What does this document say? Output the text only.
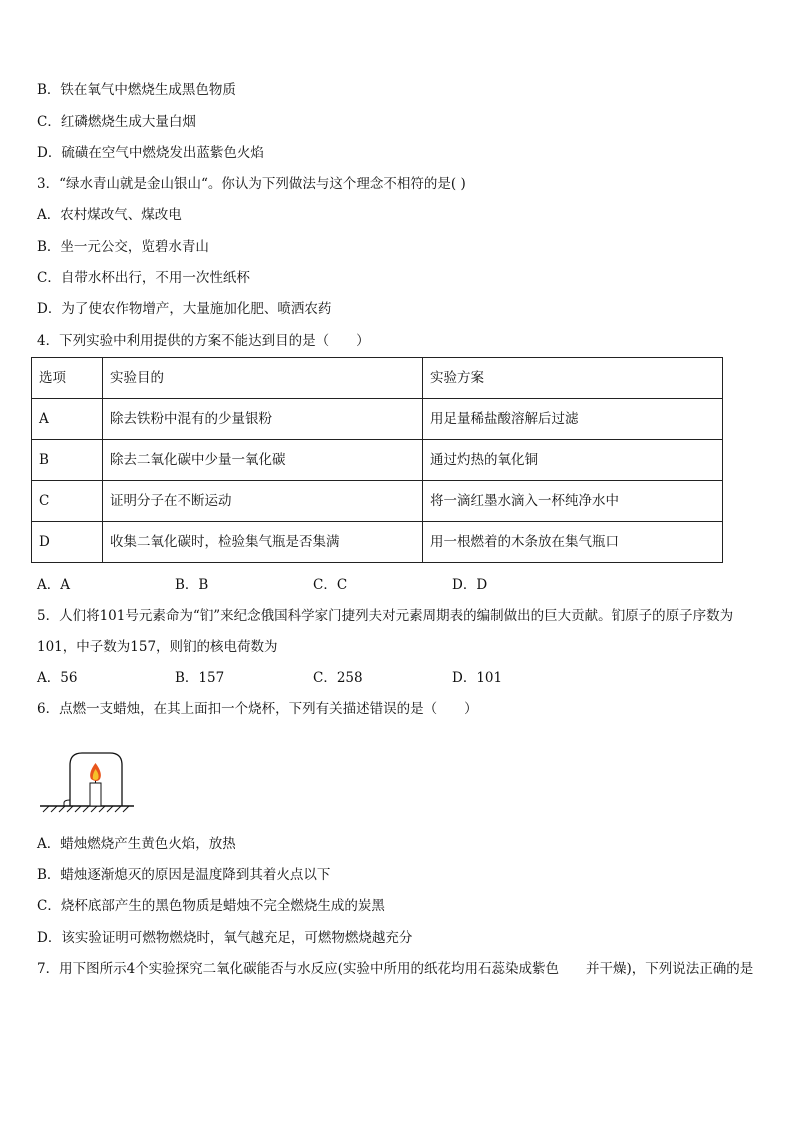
B．铁在氧气中燃烧生成黑色物质
C．红磷燃烧生成大量白烟
D．硫磺在空气中燃烧发出蓝紫色火焰
3．“绿水青山就是金山银山“。你认为下列做法与这个理念不相符的是( )
A．农村煤改气、煤改电
B．坐一元公交，览碧水青山
C．自带水杯出行，不用一次性纸杯
D．为了使农作物增产，大量施加化肥、喷洒农药
4．下列实验中利用提供的方案不能达到目的是（　　）
选项	实验目的	实验方案
A	除去铁粉中混有的少量银粉	用足量稀盐酸溶解后过滤
B	除去二氧化碳中少量一氧化碳	通过灼热的氧化铜
C	证明分子在不断运动	将一滴红墨水滴入一杯纯净水中
D	收集二氧化碳时，检验集气瓶是否集满	用一根燃着的木条放在集气瓶口
A．A	B．B	C．C	D．D
5．人们将101号元素命为“钔”来纪念俄国科学家门捷列夫对元素周期表的编制做出的巨大贡献。钔原子的原子序数为101，中子数为157，则钔的核电荷数为
A．56	B．157	C．258	D．101
6．点燃一支蜡烛，在其上面扣一个烧杯，下列有关描述错误的是（　　）
A．蜡烛燃烧产生黄色火焰，放热
B．蜡烛逐渐熄灭的原因是温度降到其着火点以下
C．烧杯底部产生的黑色物质是蜡烛不完全燃烧生成的炭黑
D．该实验证明可燃物燃烧时，氧气越充足，可燃物燃烧越充分
7．用下图所示4个实验探究二氧化碳能否与水反应(实验中所用的纸花均用石蕊染成紫色　　并干燥)，下列说法正确的是
